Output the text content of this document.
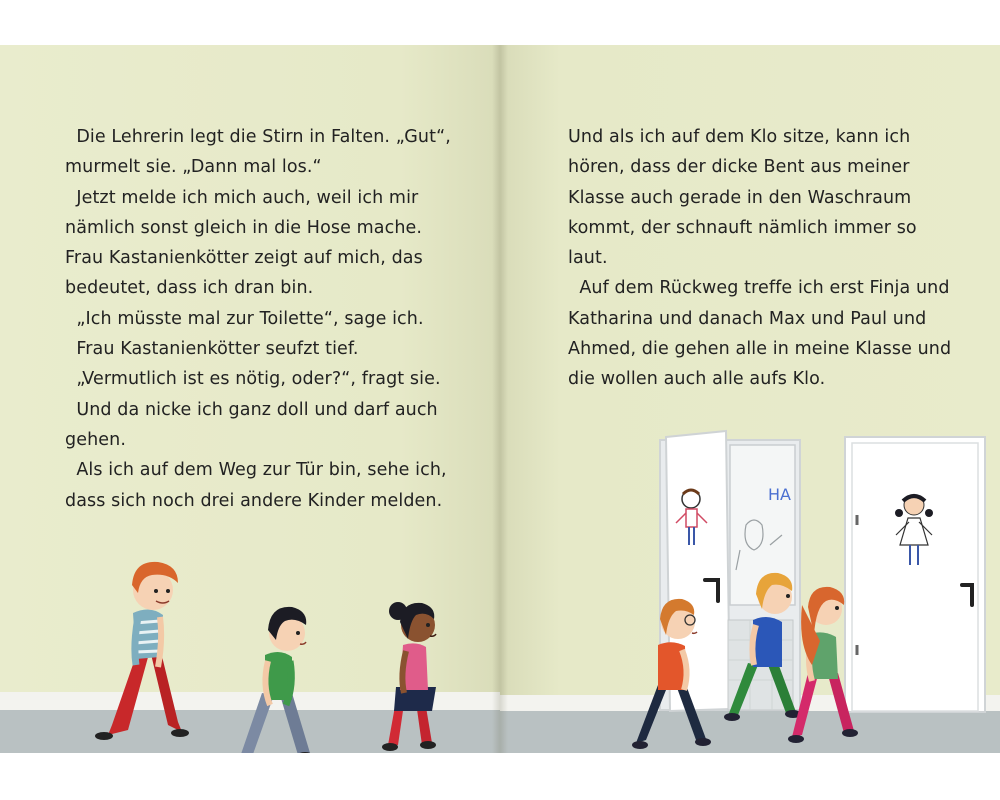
Die Lehrerin legt die Stirn in Falten. „Gut“,

murmelt sie. „Dann mal los.“

Jetzt melde ich mich auch, weil ich mir

nämlich sonst gleich in die Hose mache.

Frau Kastanienkötter zeigt auf mich, das

bedeutet, dass ich dran bin.

„Ich müsste mal zur Toilette“, sage ich.

Frau Kastanienkötter seufzt tief.

„Vermutlich ist es nötig, oder?“, fragt sie.

Und da nicke ich ganz doll und darf auch

gehen.

Als ich auf dem Weg zur Tür bin, sehe ich,

dass sich noch drei andere Kinder melden.

Und als ich auf dem Klo sitze, kann ich

hören, dass der dicke Bent aus meiner

Klasse auch gerade in den Waschraum

kommt, der schnauft nämlich immer so

laut.

Auf dem Rückweg treffe ich erst Finja und

Katharina und danach Max und Paul und

Ahmed, die gehen alle in meine Klasse und

die wollen auch alle aufs Klo.

HA
